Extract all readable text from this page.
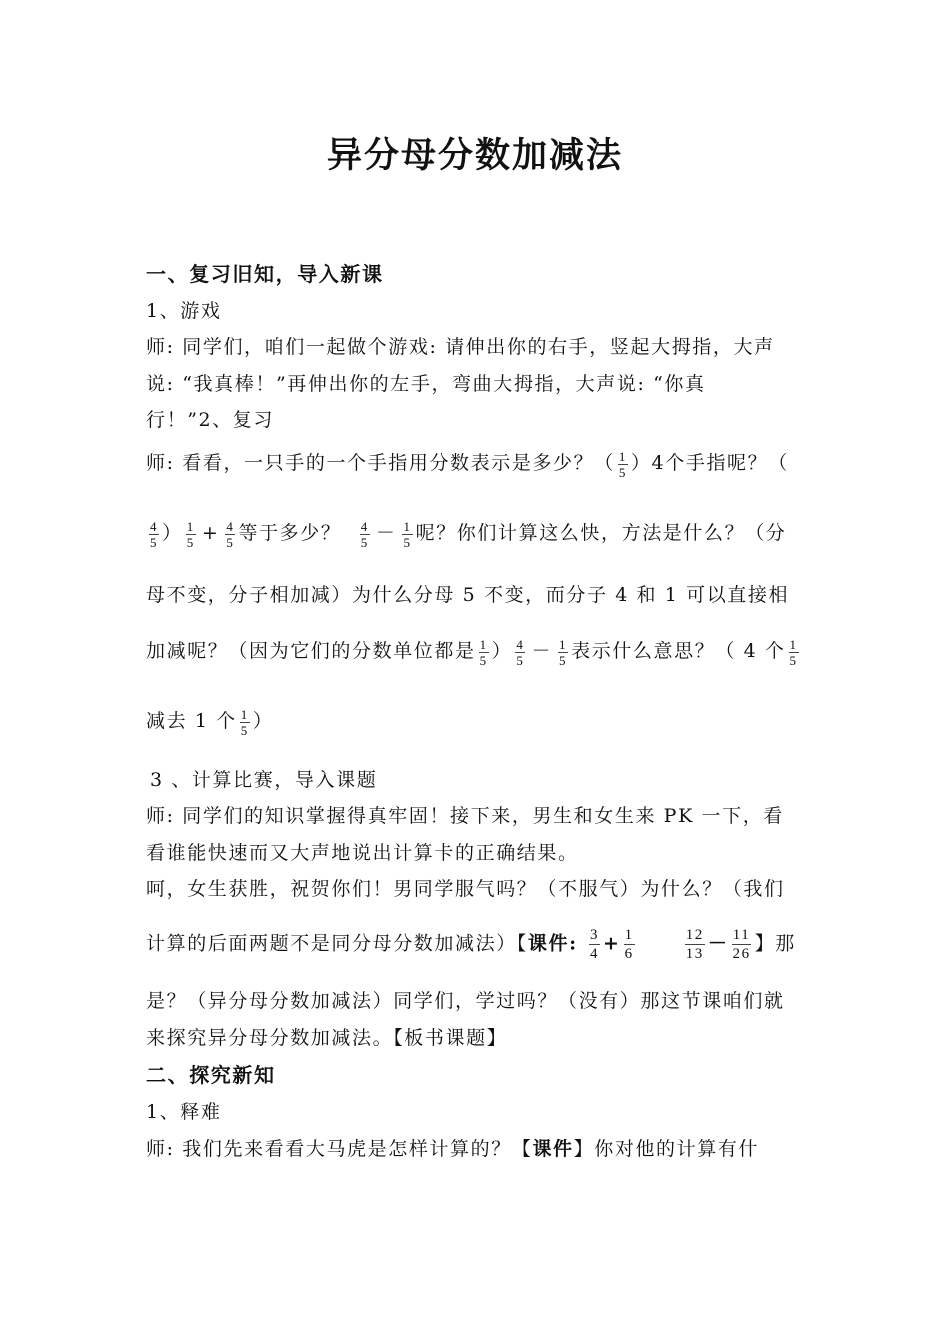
异分母分数加减法
一、复习旧知，导入新课
1、游戏
师: 同学们，咱们一起做个游戏: 请伸出你的右手，竖起大拇指，大声
说: “我真棒！”再伸出你的左手，弯曲大拇指，大声说: “你真
行！”2、复习
师: 看看，一只手的一个手指用分数表示是多少？（ $\frac{1}{5} )4$个手指呢？（
$\frac{4}{5}$ ） $\frac{1}{5} + \frac{4}{5}$ 等于多少？ $\frac{4}{5} - \frac{1}{5}$ 呢？你们计算这么快，方法是什么？（分
母不变，分子相加减）为什么分母 5 不变，而分子 4 和 1 可以直接相
加减呢？（因为它们的分数单位都是 $\frac{1}{5}$ ） $\frac{4}{5} - \frac{1}{5}$ 表示什么意思？（ 4 个 $\frac{1}{5}$
减去 1 个 $\frac{1}{5}$ ）
3 、计算比赛，导入课题
师: 同学们的知识掌握得真牢固！接下来，男生和女生来 PK 一下，看
看谁能快速而又大声地说出计算卡的正确结果。
呵，女生获胜，祝贺你们！男同学服气吗？（不服气）为什么？（我们
计算的后面两题不是同分母分数加减法）【课件: $\frac{3}{4} + \frac{1}{6}$	$\frac{12}{13} - \frac{11}{26}$ 】那
是？（异分母分数加减法）同学们，学过吗？（没有）那这节课咱们就
来探究异分母分数加减法。【板书课题】
二、探究新知
1、释难
师: 我们先来看看大马虎是怎样计算的？【课件】你对他的计算有什
